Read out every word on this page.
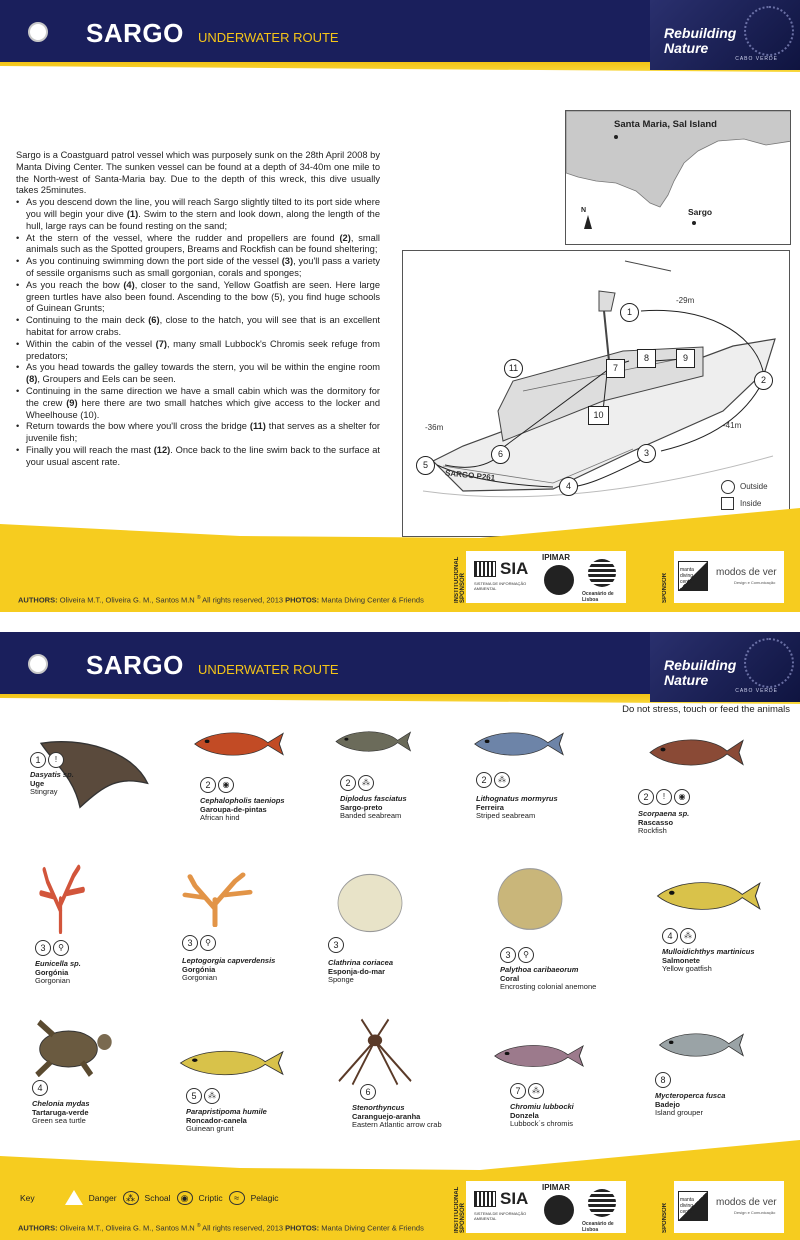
SARGO UNDERWATER ROUTE	Rebuilding
Nature
CABO VERDE

Sargo is a Coastguard patrol vessel which was purposely sunk on the 28th April 2008 by Manta Diving Center. The sunken vessel can be found at a depth of 34-40m one mile to the North-west of Santa-Maria bay. Due to the depth of this wreck, this dive usually takes 25minutes.

• As you descend down the line, you will reach Sargo slightly tilted to its port side where you will begin your dive (1). Swim to the stern and look down, along the length of the hull, large rays can be found resting on the sand;
• At the stern of the vessel, where the rudder and propellers are found (2), small animals such as the Spotted groupers, Breams and Rockfish can be found sheltering;
• As you continuing swimming down the port side of the vessel (3), you'll pass a variety of sessile organisms such as small gorgonian, corals and sponges;
• As you reach the bow (4), closer to the sand, Yellow Goatfish are seen. Here large green turtles have also been found. Ascending to the bow (5), you find huge schools of Guinean Grunts;
• Continuing to the main deck (6), close to the hatch, you will see that is an excellent habitat for arrow crabs.
• Within the cabin of the vessel (7), many small Lubbock's Chromis seek refuge from predators;
• As you head towards the galley towards the stern, you wil be within the engine room (8), Groupers and Eels can be seen.
• Continuing in the same direction we have a small cabin which was the dormitory for the crew (9) here there are two small hatches which give access to the locker and Wheelhouse (10).
• Return towards the bow where you'll cross the bridge (11) that serves as a shelter for juvenile fish;
• Finally you will reach the mast (12). Once back to the line swim back to the surface at your usual ascent rate.
Santa Maria, Sal Island
Sargo
N
-29m
-41m
-36m
SARGO P261
1
2
3
4
5
6
11	7
8	9
10
Outside
Inside
INSTITUCIONAL SPONSOR
SIA
SISTEMA DE INFORMAÇÃO AMBIENTAL
IPIMAR
Oceanário de Lisboa	SPONSOR
manta diving center
modos de ver
Design e Comunicação
AUTHORS: Oliveira M.T., Oliveira G. M., Santos M.N ® All rights reserved, 2013 PHOTOS: Manta Diving Center & Friends
SARGO UNDERWATER ROUTE	Rebuilding
Nature
CABO VERDE
Do not stress, touch or feed the animals
1	!
Dasyatis sp.
Uge
Stingray
2	◉
Cephalopholis taeniops
Garoupa-de-pintas
African hind
2	⁂
Diplodus fasciatus
Sargo-preto
Banded seabream
2	⁂
Lithognatus mormyrus
Ferreira
Striped seabream
2	!	◉
Scorpaena sp.
Rascasso
Rockfish
3	⚲
Eunicella sp.
Gorgónia
Gorgonian
3	⚲
Leptogorgia capverdensis
Gorgónia
Gorgonian
3
Clathrina coriacea
Esponja-do-mar
Sponge
3	⚲
Palythoa caribaeorum
Coral
Encrosting colonial anemone
4	⁂
Mulloidichthys martinicus
Salmonete
Yellow goatfish
4
Chelonia mydas
Tartaruga-verde
Green sea turtle
5	⁂
Parapristipoma humile
Roncador-canela
Guinean grunt
6
Stenorthyncus
Caranguejo-aranha
Eastern Atlantic arrow crab
7	⁂
Chromiu lubbocki
Donzela
Lubbock´s chromis
8
Mycteroperca fusca
Badejo
Island grouper
INSTITUCIONAL SPONSOR
SIA
SISTEMA DE INFORMAÇÃO AMBIENTAL
IPIMAR
Oceanário de Lisboa	SPONSOR
manta diving center
modos de ver
Design e Comunicação
AUTHORS: Oliveira M.T., Oliveira G. M., Santos M.N ® All rights reserved, 2013 PHOTOS: Manta Diving Center & Friends
Key	Danger	⁂	Schoal	◉	Criptic	≈	Pelagic
